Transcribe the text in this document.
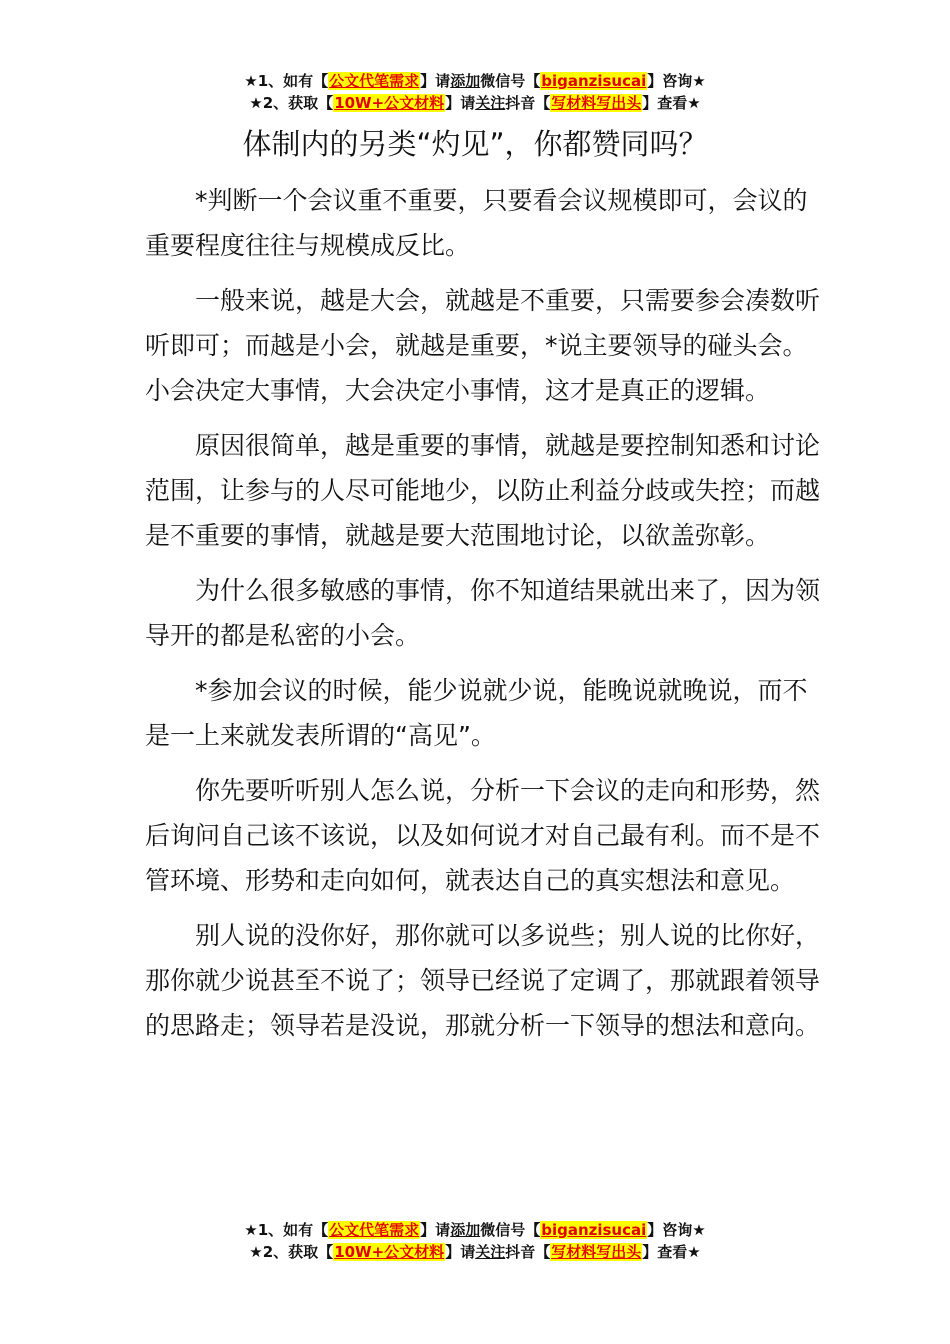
★1、如有【公文代笔需求】请添加微信号【biganzisucai】咨询★
★2、获取【10W+公文材料】请关注抖音【写材料写出头】查看★
体制内的另类“灼见”，你都赞同吗？

*判断一个会议重不重要，只要看会议规模即可，会议的重要程度往往与规模成反比。

一般来说，越是大会，就越是不重要，只需要参会凑数听听即可；而越是小会，就越是重要，*说主要领导的碰头会。小会决定大事情，大会决定小事情，这才是真正的逻辑。

原因很简单，越是重要的事情，就越是要控制知悉和讨论范围，让参与的人尽可能地少，以防止利益分歧或失控；而越是不重要的事情，就越是要大范围地讨论，以欲盖弥彰。

为什么很多敏感的事情，你不知道结果就出来了，因为领导开的都是私密的小会。

*参加会议的时候，能少说就少说，能晚说就晚说，而不是一上来就发表所谓的“高见”。

你先要听听别人怎么说，分析一下会议的走向和形势，然后询问自己该不该说，以及如何说才对自己最有利。而不是不管环境、形势和走向如何，就表达自己的真实想法和意见。

别人说的没你好，那你就可以多说些；别人说的比你好，那你就少说甚至不说了；领导已经说了定调了，那就跟着领导的思路走；领导若是没说，那就分析一下领导的想法和意向。

★1、如有【公文代笔需求】请添加微信号【biganzisucai】咨询★
★2、获取【10W+公文材料】请关注抖音【写材料写出头】查看★
